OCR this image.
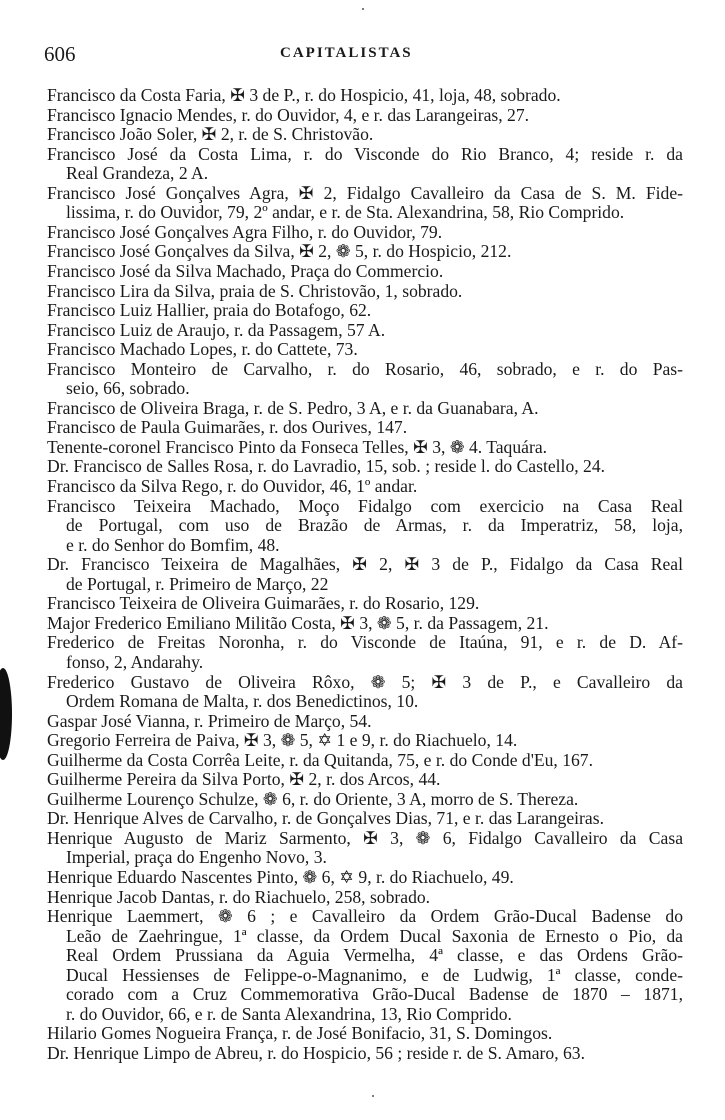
606	CAPITALISTAS
Francisco da Costa Faria, ✠ 3 de P., r. do Hospicio, 41, loja, 48, sobrado.
Francisco Ignacio Mendes, r. do Ouvidor, 4, e r. das Larangeiras, 27.
Francisco João Soler, ✠ 2, r. de S. Christovão.
Francisco José da Costa Lima, r. do Visconde do Rio Branco, 4; reside r. da
Real Grandeza, 2 A.
Francisco José Gonçalves Agra, ✠ 2, Fidalgo Cavalleiro da Casa de S. M. Fide-
lissima, r. do Ouvidor, 79, 2º andar, e r. de Sta. Alexandrina, 58, Rio Comprido.
Francisco José Gonçalves Agra Filho, r. do Ouvidor, 79.
Francisco José Gonçalves da Silva, ✠ 2, ❁ 5, r. do Hospicio, 212.
Francisco José da Silva Machado, Praça do Commercio.
Francisco Lira da Silva, praia de S. Christovão, 1, sobrado.
Francisco Luiz Hallier, praia do Botafogo, 62.
Francisco Luiz de Araujo, r. da Passagem, 57 A.
Francisco Machado Lopes, r. do Cattete, 73.
Francisco Monteiro de Carvalho, r. do Rosario, 46, sobrado, e r. do Pas-
seio, 66, sobrado.
Francisco de Oliveira Braga, r. de S. Pedro, 3 A, e r. da Guanabara, A.
Francisco de Paula Guimarães, r. dos Ourives, 147.
Tenente-coronel Francisco Pinto da Fonseca Telles, ✠ 3, ❁ 4. Taquára.
Dr. Francisco de Salles Rosa, r. do Lavradio, 15, sob. ; reside l. do Castello, 24.
Francisco da Silva Rego, r. do Ouvidor, 46, 1º andar.
Francisco Teixeira Machado, Moço Fidalgo com exercicio na Casa Real
de Portugal, com uso de Brazão de Armas, r. da Imperatriz, 58, loja,
e r. do Senhor do Bomfim, 48.
Dr. Francisco Teixeira de Magalhães, ✠ 2, ✠ 3 de P., Fidalgo da Casa Real
de Portugal, r. Primeiro de Março, 22
Francisco Teixeira de Oliveira Guimarães, r. do Rosario, 129.
Major Frederico Emiliano Militão Costa, ✠ 3, ❁ 5, r. da Passagem, 21.
Frederico de Freitas Noronha, r. do Visconde de Itaúna, 91, e r. de D. Af-
fonso, 2, Andarahy.
Frederico Gustavo de Oliveira Rôxo, ❁ 5; ✠ 3 de P., e Cavalleiro da
Ordem Romana de Malta, r. dos Benedictinos, 10.
Gaspar José Vianna, r. Primeiro de Março, 54.
Gregorio Ferreira de Paiva, ✠ 3, ❁ 5, ✡ 1 e 9, r. do Riachuelo, 14.
Guilherme da Costa Corrêa Leite, r. da Quitanda, 75, e r. do Conde d'Eu, 167.
Guilherme Pereira da Silva Porto, ✠ 2, r. dos Arcos, 44.
Guilherme Lourenço Schulze, ❁ 6, r. do Oriente, 3 A, morro de S. Thereza.
Dr. Henrique Alves de Carvalho, r. de Gonçalves Dias, 71, e r. das Larangeiras.
Henrique Augusto de Mariz Sarmento, ✠ 3, ❁ 6, Fidalgo Cavalleiro da Casa
Imperial, praça do Engenho Novo, 3.
Henrique Eduardo Nascentes Pinto, ❁ 6, ✡ 9, r. do Riachuelo, 49.
Henrique Jacob Dantas, r. do Riachuelo, 258, sobrado.
Henrique Laemmert, ❁ 6 ; e Cavalleiro da Ordem Grão-Ducal Badense do
Leão de Zaehringue, 1ª classe, da Ordem Ducal Saxonia de Ernesto o Pio, da
Real Ordem Prussiana da Aguia Vermelha, 4ª classe, e das Ordens Grão-
Ducal Hessienses de Felippe-o-Magnanimo, e de Ludwig, 1ª classe, conde-
corado com a Cruz Commemorativa Grão-Ducal Badense de 1870 – 1871,
r. do Ouvidor, 66, e r. de Santa Alexandrina, 13, Rio Comprido.
Hilario Gomes Nogueira França, r. de José Bonifacio, 31, S. Domingos.
Dr. Henrique Limpo de Abreu, r. do Hospicio, 56 ; reside r. de S. Amaro, 63.
